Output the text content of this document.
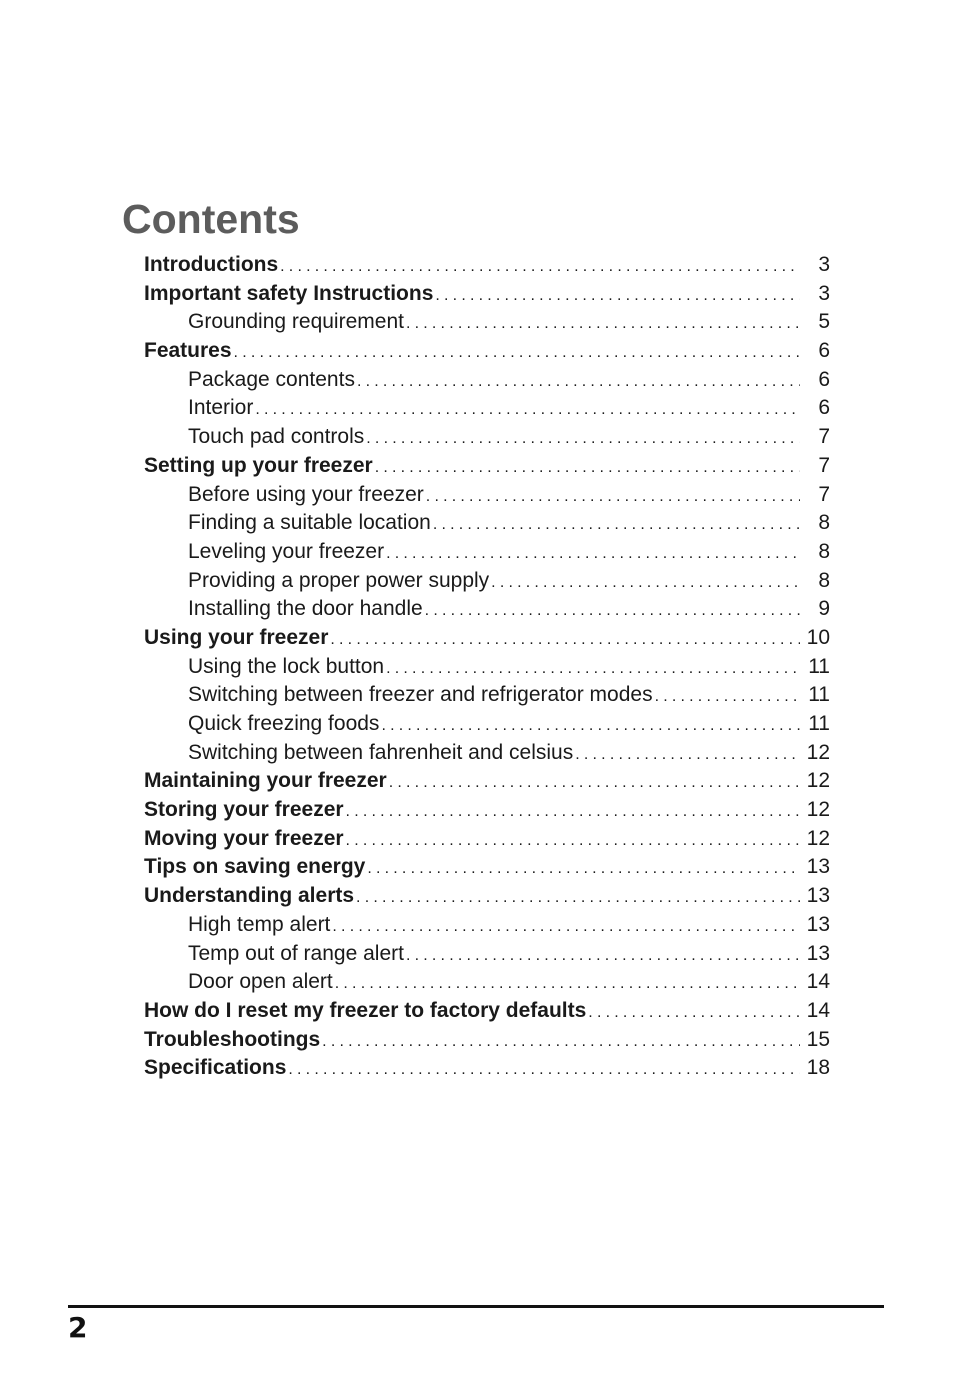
Contents
Introductions .....	3
Important safety Instructions .....	3
Grounding requirement .....	5
Features .....	6
Package contents .....	6
Interior .....	6
Touch pad controls .....	7
Setting up your freezer .....	7
Before using your freezer .....	7
Finding a suitable location .....	8
Leveling your freezer .....	8
Providing a proper power supply .....	8
Installing the door handle .....	9
Using your freezer .....	10
Using the lock button .....	11
Switching between freezer and refrigerator modes .....	11
Quick freezing foods .....	11
Switching between fahrenheit and celsius .....	12
Maintaining your freezer .....	12
Storing your freezer .....	12
Moving your freezer .....	12
Tips on saving energy .....	13
Understanding alerts .....	13
High temp alert .....	13
Temp out of range alert .....	13
Door open alert .....	14
How do I reset my freezer to factory defaults .....	14
Troubleshootings .....	15
Specifications .....	18
2
